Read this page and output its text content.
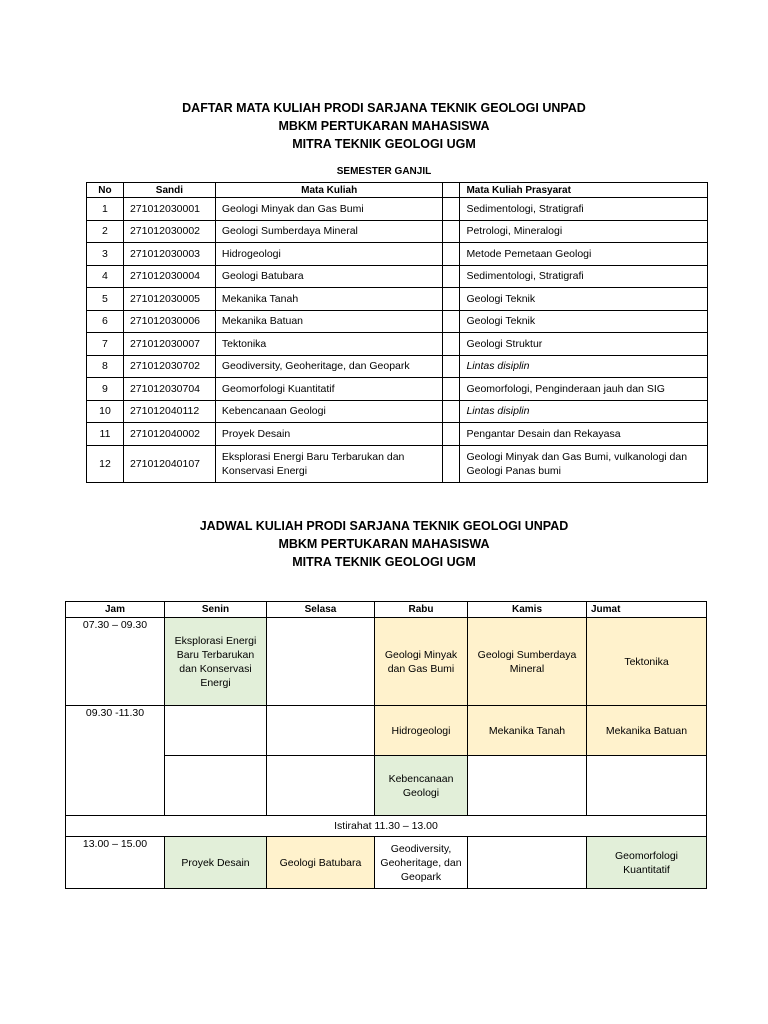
DAFTAR MATA KULIAH PRODI SARJANA TEKNIK GEOLOGI UNPAD
MBKM PERTUKARAN MAHASISWA
MITRA TEKNIK GEOLOGI UGM
SEMESTER GANJIL
No	Sandi	Mata Kuliah		Mata Kuliah Prasyarat
1	271012030001	Geologi Minyak dan Gas Bumi		Sedimentologi, Stratigrafi
2	271012030002	Geologi Sumberdaya Mineral		Petrologi, Mineralogi
3	271012030003	Hidrogeologi		Metode Pemetaan Geologi
4	271012030004	Geologi Batubara		Sedimentologi, Stratigrafi
5	271012030005	Mekanika Tanah		Geologi Teknik
6	271012030006	Mekanika Batuan		Geologi Teknik
7	271012030007	Tektonika		Geologi Struktur
8	271012030702	Geodiversity, Geoheritage, dan Geopark		Lintas disiplin
9	271012030704	Geomorfologi Kuantitatif		Geomorfologi, Penginderaan jauh dan SIG
10	271012040112	Kebencanaan Geologi		Lintas disiplin
11	271012040002	Proyek Desain		Pengantar Desain dan Rekayasa
12	271012040107	Eksplorasi Energi Baru Terbarukan dan Konservasi Energi		Geologi Minyak dan Gas Bumi, vulkanologi dan Geologi Panas bumi
JADWAL KULIAH PRODI SARJANA TEKNIK GEOLOGI UNPAD
MBKM PERTUKARAN MAHASISWA
MITRA TEKNIK GEOLOGI UGM
Jam	Senin	Selasa	Rabu	Kamis	Jumat
07.30 – 09.30	Eksplorasi Energi Baru Terbarukan dan Konservasi Energi		Geologi Minyak dan Gas Bumi	Geologi Sumberdaya Mineral	Tektonika
09.30 -11.30			Hidrogeologi	Mekanika Tanah	Mekanika Batuan
			Kebencanaan Geologi		
Istirahat 11.30 – 13.00					
13.00 – 15.00	Proyek Desain	Geologi Batubara	Geodiversity, Geoheritage, dan Geopark		Geomorfologi Kuantitatif
